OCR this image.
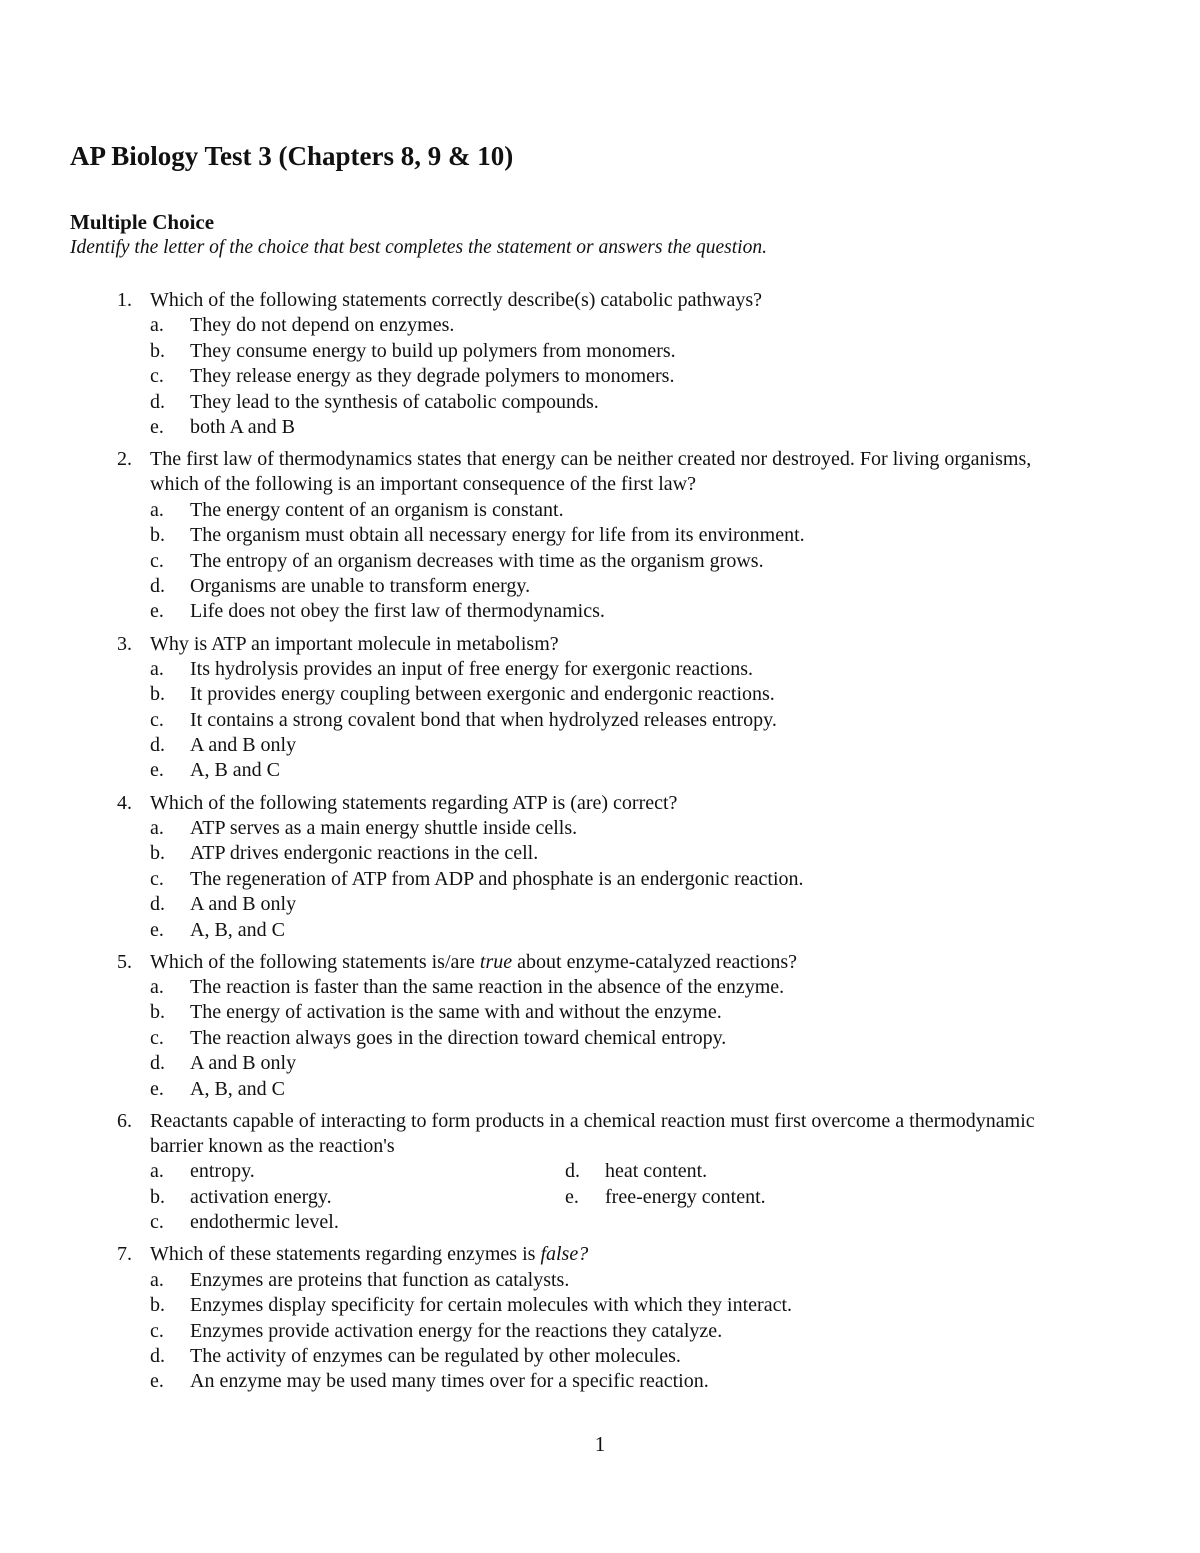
AP Biology Test 3 (Chapters 8, 9 & 10)
Multiple Choice

Identify the letter of the choice that best completes the statement or answers the question.

1. Which of the following statements correctly describe(s) catabolic pathways?
a. They do not depend on enzymes.
b. They consume energy to build up polymers from monomers.
c. They release energy as they degrade polymers to monomers.
d. They lead to the synthesis of catabolic compounds.
e. both A and B
2. The first law of thermodynamics states that energy can be neither created nor destroyed. For living organisms, which of the following is an important consequence of the first law?
a. The energy content of an organism is constant.
b. The organism must obtain all necessary energy for life from its environment.
c. The entropy of an organism decreases with time as the organism grows.
d. Organisms are unable to transform energy.
e. Life does not obey the first law of thermodynamics.
3. Why is ATP an important molecule in metabolism?
a. Its hydrolysis provides an input of free energy for exergonic reactions.
b. It provides energy coupling between exergonic and endergonic reactions.
c. It contains a strong covalent bond that when hydrolyzed releases entropy.
d. A and B only
e. A, B and C
4. Which of the following statements regarding ATP is (are) correct?
a. ATP serves as a main energy shuttle inside cells.
b. ATP drives endergonic reactions in the cell.
c. The regeneration of ATP from ADP and phosphate is an endergonic reaction.
d. A and B only
e. A, B, and C
5. Which of the following statements is/are true about enzyme-catalyzed reactions?
a. The reaction is faster than the same reaction in the absence of the enzyme.
b. The energy of activation is the same with and without the enzyme.
c. The reaction always goes in the direction toward chemical entropy.
d. A and B only
e. A, B, and C
6. Reactants capable of interacting to form products in a chemical reaction must first overcome a thermodynamic barrier known as the reaction's
a. entropy.
b. activation energy.
c. endothermic level.
d. heat content.
e. free-energy content.
7. Which of these statements regarding enzymes is false?
a. Enzymes are proteins that function as catalysts.
b. Enzymes display specificity for certain molecules with which they interact.
c. Enzymes provide activation energy for the reactions they catalyze.
d. The activity of enzymes can be regulated by other molecules.
e. An enzyme may be used many times over for a specific reaction.

1
